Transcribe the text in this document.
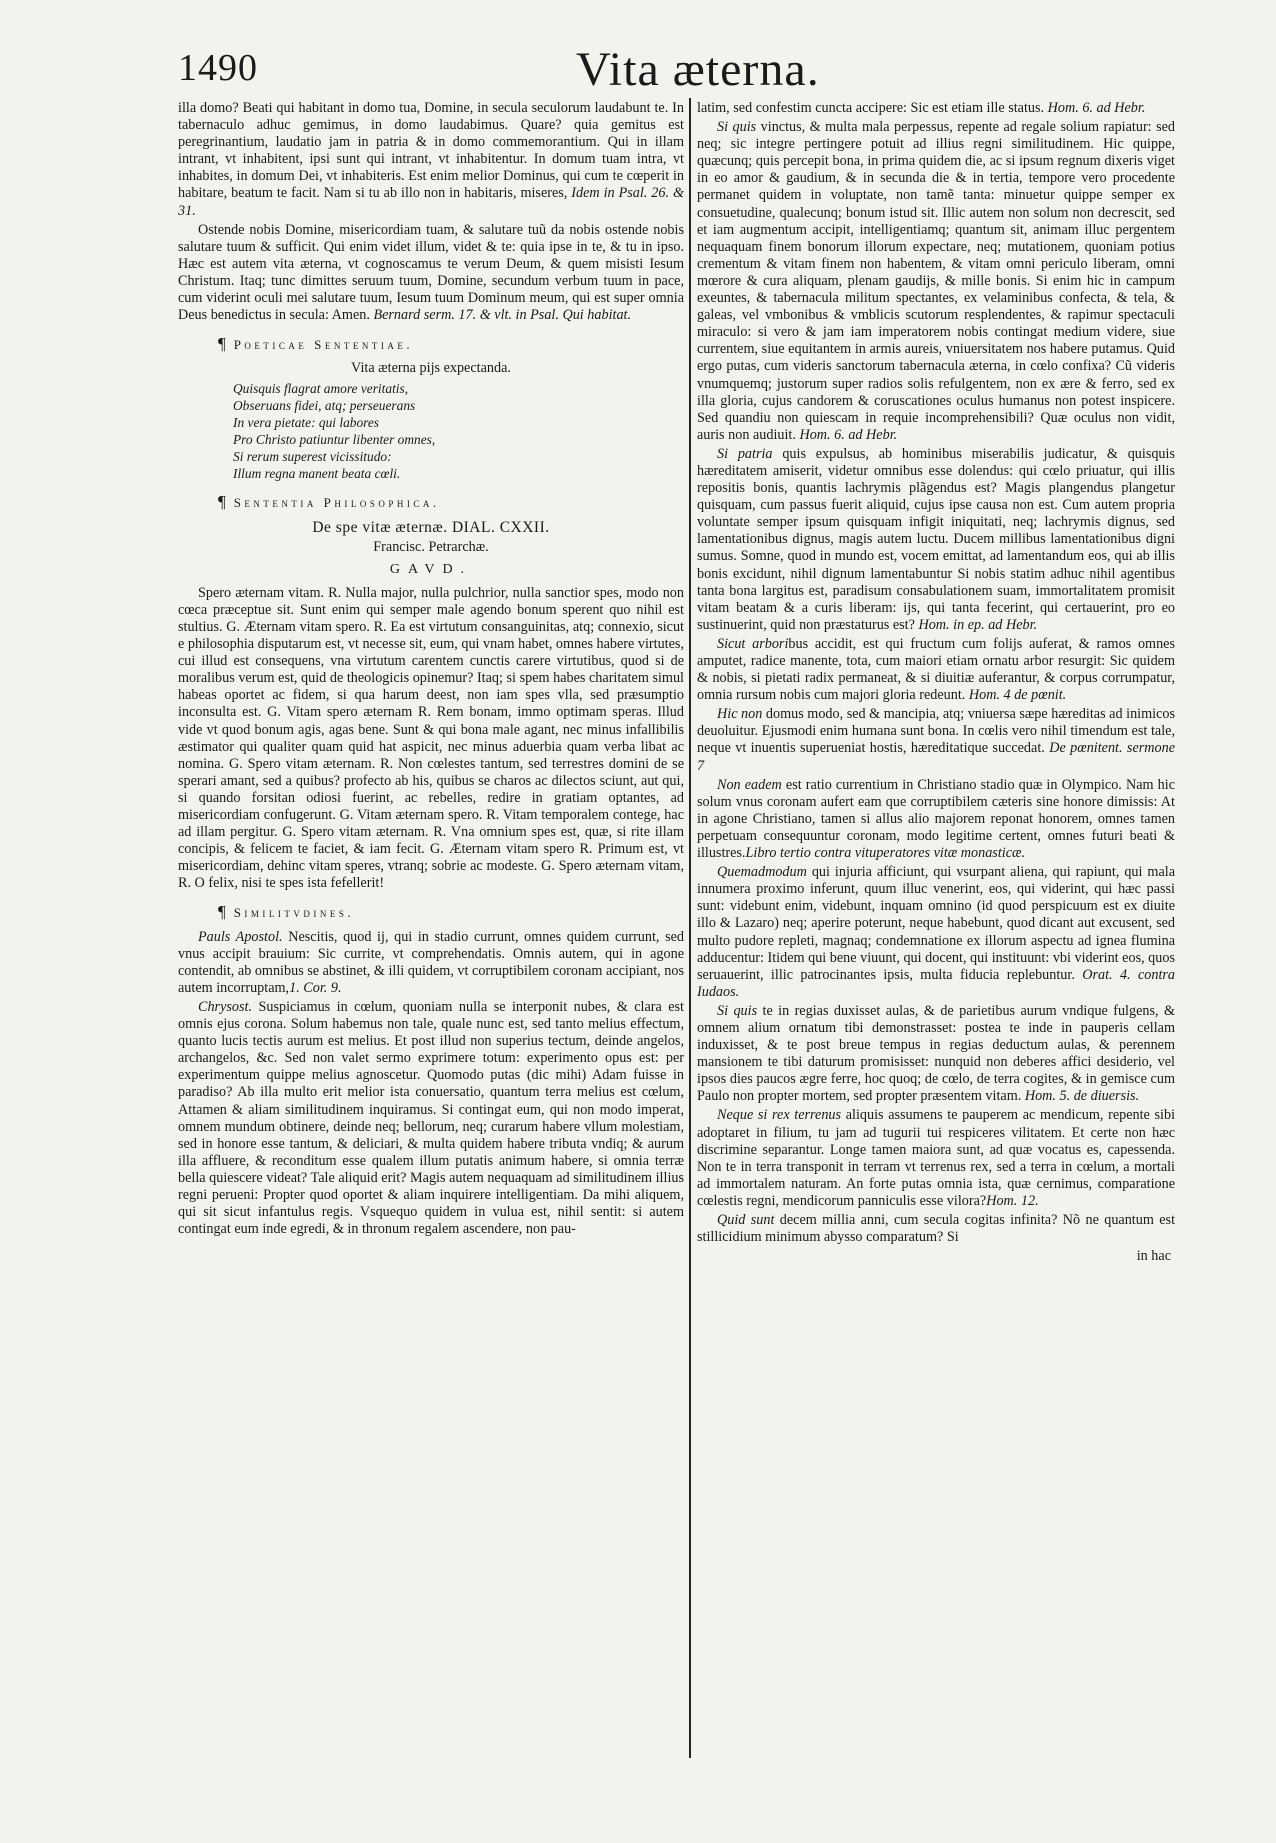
1490	Vita æterna.

illa domo? Beati qui habitant in domo tua, Domine, in secula seculorum laudabunt te. In tabernaculo adhuc gemimus, in domo laudabimus. Quare? quia gemitus est peregrinantium, laudatio jam in patria & in domo commemorantium. Qui in illam intrant, vt inhabitent, ipsi sunt qui intrant, vt inhabitentur. In domum tuam intra, vt inhabites, in domum Dei, vt inhabiteris. Est enim melior Dominus, qui cum te cœperit in habitare, beatum te facit. Nam si tu ab illo non in habitaris, miseres, Idem in Psal. 26. & 31.

Ostende nobis Domine, misericordiam tuam, & salutare tuũ da nobis ostende nobis salutare tuum & sufficit. Qui enim videt illum, videt & te: quia ipse in te, & tu in ipso. Hæc est autem vita æterna, vt cognoscamus te verum Deum, & quem misisti Iesum Christum. Itaq; tunc dimittes seruum tuum, Domine, secundum verbum tuum in pace, cum viderint oculi mei salutare tuum, Iesum tuum Dominum meum, qui est super omnia Deus benedictus in secula: Amen. Bernard serm. 17. & vlt. in Psal. Qui habitat.

¶ Poeticae Sententiae.
Vita æterna pijs expectanda.
Quisquis flagrat amore veritatis,
Obseruans fidei, atq; perseuerans
In vera pietate: qui labores
Pro Christo patiuntur libenter omnes,
Si rerum superest vicissitudo:
Illum regna manent beata cœli.
¶ Sententia Philosophica.
De spe vitæ æternæ. DIAL. CXXII.
Francisc. Petrarchæ.
GAVD.

Spero æternam vitam. R. Nulla major, nulla pulchrior, nulla sanctior spes, modo non cœca præceptue sit. Sunt enim qui semper male agendo bonum sperent quo nihil est stultius. G. Æternam vitam spero. R. Ea est virtutum consanguinitas, atq; connexio, sicut e philosophia disputarum est, vt necesse sit, eum, qui vnam habet, omnes habere virtutes, cui illud est consequens, vna virtutum carentem cunctis carere virtutibus, quod si de moralibus verum est, quid de theologicis opinemur? Itaq; si spem habes charitatem simul habeas oportet ac fidem, si qua harum deest, non iam spes vlla, sed præsumptio inconsulta est. G. Vitam spero æternam R. Rem bonam, immo optimam speras. Illud vide vt quod bonum agis, agas bene. Sunt & qui bona male agant, nec minus infallibilis æstimator qui qualiter quam quid hat aspicit, nec minus aduerbia quam verba libat ac nomina. G. Spero vitam æternam. R. Non cœlestes tantum, sed terrestres domini de se sperari amant, sed a quibus? profecto ab his, quibus se charos ac dilectos sciunt, aut qui, si quando forsitan odiosi fuerint, ac rebelles, redire in gratiam optantes, ad misericordiam confugerunt. G. Vitam æternam spero. R. Vitam temporalem contege, hac ad illam pergitur. G. Spero vitam æternam. R. Vna omnium spes est, quæ, si rite illam concipis, & felicem te faciet, & iam fecit. G. Æternam vitam spero R. Primum est, vt misericordiam, dehinc vitam speres, vtranq; sobrie ac modeste. G. Spero æternam vitam, R. O felix, nisi te spes ista fefellerit!

¶ Similitvdines.

Pauls Apostol. Nescitis, quod ij, qui in stadio currunt, omnes quidem currunt, sed vnus accipit brauium: Sic currite, vt comprehendatis. Omnis autem, qui in agone contendit, ab omnibus se abstinet, & illi quidem, vt corruptibilem coronam accipiant, nos autem incorruptam,1. Cor. 9.

Chrysost. Suspiciamus in cœlum, quoniam nulla se interponit nubes, & clara est omnis ejus corona. Solum habemus non tale, quale nunc est, sed tanto melius effectum, quanto lucis tectis aurum est melius. Et post illud non superius tectum, deinde angelos, archangelos, &c. Sed non valet sermo exprimere totum: experimento opus est: per experimentum quippe melius agnoscetur. Quomodo putas (dic mihi) Adam fuisse in paradiso? Ab illa multo erit melior ista conuersatio, quantum terra melius est cœlum, Attamen & aliam similitudinem inquiramus. Si contingat eum, qui non modo imperat, omnem mundum obtinere, deinde neq; bellorum, neq; curarum habere vllum molestiam, sed in honore esse tantum, & deliciari, & multa quidem habere tributa vndiq; & aurum illa affluere, & reconditum esse qualem illum putatis animum habere, si omnia terræ bella quiescere videat? Tale aliquid erit? Magis autem nequaquam ad similitudinem illius regni perueni: Propter quod oportet & aliam inquirere intelligentiam. Da mihi aliquem, qui sit sicut infantulus regis. Vsquequo quidem in vulua est, nihil sentit: si autem contingat eum inde egredi, & in thronum regalem ascendere, non pau-

latim, sed confestim cuncta accipere: Sic est etiam ille status. Hom. 6. ad Hebr.

Si quis vinctus, & multa mala perpessus, repente ad regale solium rapiatur: sed neq; sic integre pertingere potuit ad illius regni similitudinem. Hic quippe, quæcunq; quis percepit bona, in prima quidem die, ac si ipsum regnum dixeris viget in eo amor & gaudium, & in secunda die & in tertia, tempore vero procedente permanet quidem in voluptate, non tamẽ tanta: minuetur quippe semper ex consuetudine, qualecunq; bonum istud sit. Illic autem non solum non decrescit, sed et iam augmentum accipit, intelligentiamq; quantum sit, animam illuc pergentem nequaquam finem bonorum illorum expectare, neq; mutationem, quoniam potius crementum & vitam finem non habentem, & vitam omni periculo liberam, omni mœrore & cura aliquam, plenam gaudijs, & mille bonis. Si enim hic in campum exeuntes, & tabernacula militum spectantes, ex velaminibus confecta, & tela, & galeas, vel vmbonibus & vmblicis scutorum resplendentes, & rapimur spectaculi miraculo: si vero & jam iam imperatorem nobis contingat medium videre, siue currentem, siue equitantem in armis aureis, vniuersitatem nos habere putamus. Quid ergo putas, cum videris sanctorum tabernacula æterna, in cœlo confixa? Cũ videris vnumquemq; justorum super radios solis refulgentem, non ex ære & ferro, sed ex illa gloria, cujus candorem & coruscationes oculus humanus non potest inspicere. Sed quandiu non quiescam in requie incomprehensibili? Quæ oculus non vidit, auris non audiuit. Hom. 6. ad Hebr.

Si patria quis expulsus, ab hominibus miserabilis judicatur, & quisquis hæreditatem amiserit, videtur omnibus esse dolendus: qui cœlo priuatur, qui illis repositis bonis, quantis lachrymis plãgendus est? Magis plangendus plangetur quisquam, cum passus fuerit aliquid, cujus ipse causa non est. Cum autem propria voluntate semper ipsum quisquam infigit iniquitati, neq; lachrymis dignus, sed lamentationibus dignus, magis autem luctu. Ducem millibus lamentationibus digni sumus. Somne, quod in mundo est, vocem emittat, ad lamentandum eos, qui ab illis bonis excidunt, nihil dignum lamentabuntur Si nobis statim adhuc nihil agentibus tanta bona largitus est, paradisum consabulationem suam, immortalitatem promisit vitam beatam & a curis liberam: ijs, qui tanta fecerint, qui certauerint, pro eo sustinuerint, quid non præstaturus est? Hom. in ep. ad Hebr.

Sicut arboribus accidit, est qui fructum cum folijs auferat, & ramos omnes amputet, radice manente, tota, cum maiori etiam ornatu arbor resurgit: Sic quidem & nobis, si pietati radix permaneat, & si diuitiæ auferantur, & corpus corrumpatur, omnia rursum nobis cum majori gloria redeunt. Hom. 4 de pœnit.

Hic non domus modo, sed & mancipia, atq; vniuersa sæpe hæreditas ad inimicos deuoluitur. Ejusmodi enim humana sunt bona. In cœlis vero nihil timendum est tale, neque vt inuentis superueniat hostis, hæreditatique succedat. De pœnitent. sermone 7

Non eadem est ratio currentium in Christiano stadio quæ in Olympico. Nam hic solum vnus coronam aufert eam que corruptibilem cæteris sine honore dimissis: At in agone Christiano, tamen si allus alio majorem reponat honorem, omnes tamen perpetuam consequuntur coronam, modo legitime certent, omnes futuri beati & illustres.Libro tertio contra vituperatores vitæ monasticæ.

Quemadmodum qui injuria afficiunt, qui vsurpant aliena, qui rapiunt, qui mala innumera proximo inferunt, quum illuc venerint, eos, qui viderint, qui hæc passi sunt: videbunt enim, videbunt, inquam omnino (id quod perspicuum est ex diuite illo & Lazaro) neq; aperire poterunt, neque habebunt, quod dicant aut excusent, sed multo pudore repleti, magnaq; condemnatione ex illorum aspectu ad ignea flumina adducentur: Itidem qui bene viuunt, qui docent, qui instituunt: vbi viderint eos, quos seruauerint, illic patrocinantes ipsis, multa fiducia replebuntur. Orat. 4. contra Iudaos.

Si quis te in regias duxisset aulas, & de parietibus aurum vndique fulgens, & omnem alium ornatum tibi demonstrasset: postea te inde in pauperis cellam induxisset, & te post breue tempus in regias deductum aulas, & perennem mansionem te tibi daturum promisisset: nunquid non deberes affici desiderio, vel ipsos dies paucos ægre ferre, hoc quoq; de cœlo, de terra cogites, & in gemisce cum Paulo non propter mortem, sed propter præsentem vitam. Hom. 5. de diuersis.

Neque si rex terrenus aliquis assumens te pauperem ac mendicum, repente sibi adoptaret in filium, tu jam ad tugurii tui respiceres vilitatem. Et certe non hæc discrimine separantur. Longe tamen maiora sunt, ad quæ vocatus es, capessenda. Non te in terra transponit in terram vt terrenus rex, sed a terra in cœlum, a mortali ad immortalem naturam. An forte putas omnia ista, quæ cernimus, comparatione cœlestis regni, mendicorum panniculis esse vilora?Hom. 12.

Quid sunt decem millia anni, cum secula cogitas infinita? Nõ ne quantum est stillicidium minimum abysso comparatum? Si

in hac
